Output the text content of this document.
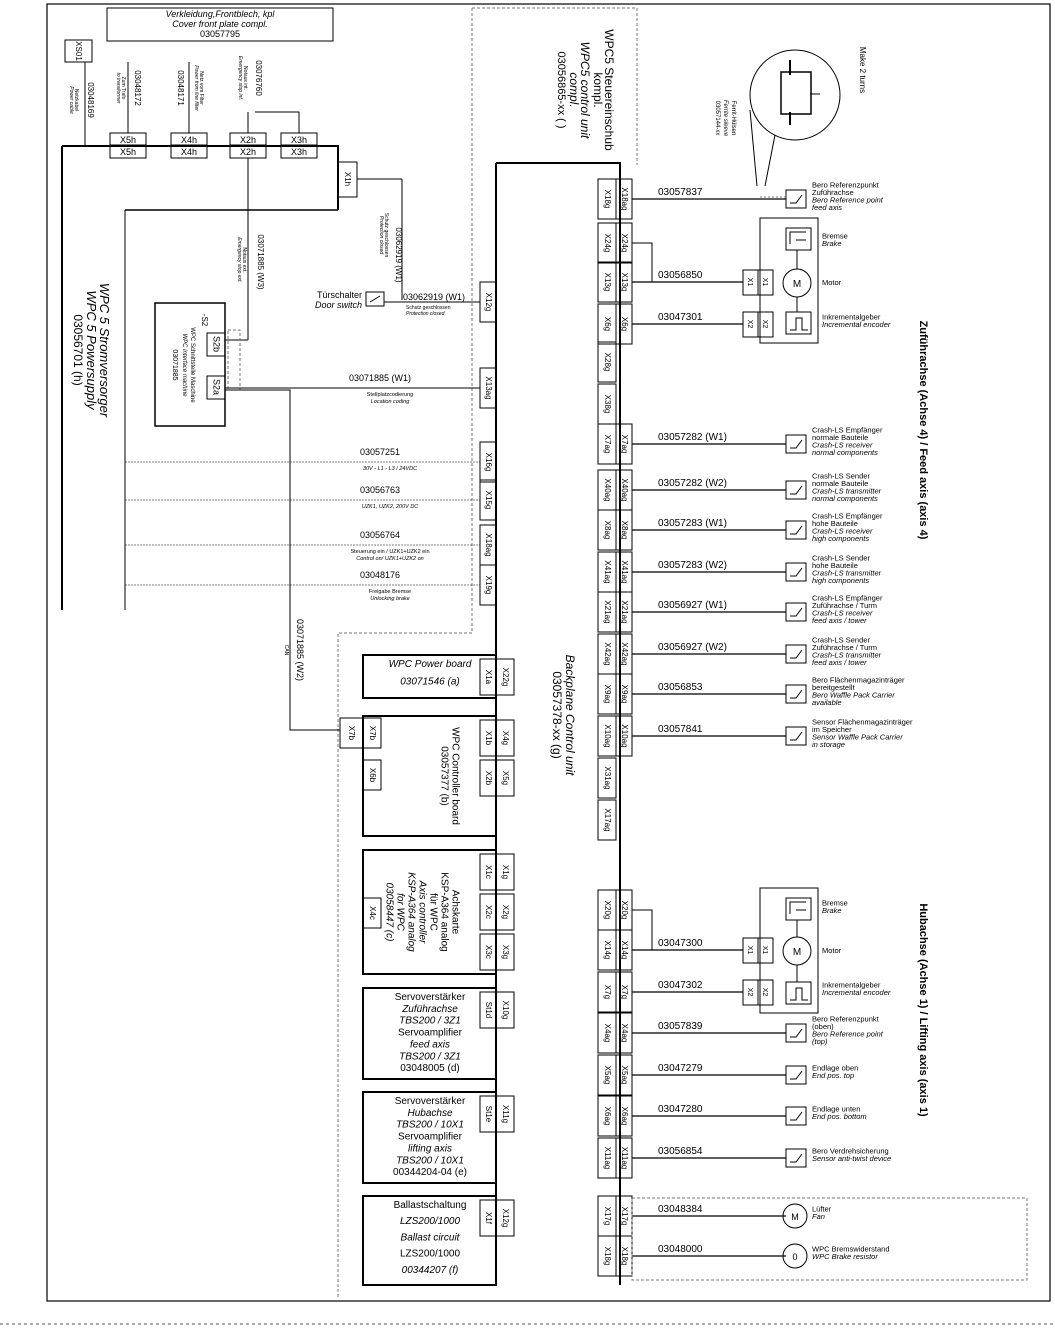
Verkleidung,Frontblech, kpl
Cover front plate compl.
03057795
XS01
03048169
Netzkabel
Power cable	03048172
Zum Trafo
to transformer	03048171	Netz vom Filter
Power from line filter	03076760
Notaus int.
Emergency stop int.
X5h
X5h
X4h
X4h
X2h
X2h
X3h
X3h
X1h
03062919 (W1)
Schutz geschlossen
Protection closed
03071885 (W3)
Notaus ext.
Emergency stop ext.
WPC 5 Stromversorger
WPC 5 Powersupply
03056701 (h)	S2b
S2a
-S2
WPC Schnittstelle Maschine
WPC interface machine
03071885
WPC5 Steuereinschub
kompl.
WPC5 control unit
compl.
03056865-xx ( )
Backplane Control unit
03057378-xx (g)
Türschalter
Door switch
03062919 (W1)
Schutz geschlossen
Protection closed
X12g
03071885 (W1)
Stellplatzcodierung
Location coding
X13ag
03057251
30V - L1 - L3 / 24VDC	X16g
03056763
UZK1, UZK2, 200V DC	X15g
03056764
Steuerung ein / UZK1+UZK2 ein
Control on/ UZK1+UZK2 on
X18ag
03048176
Freigabe Bremse
Unlocking brake
X19g
03071885 (W2)
CAN
WPC Power board
03071546 (a)	X1a X22g
WPC Controller board
03057377 (b)
X1b X4g
X2b X5g
X7b
X6b
Achskarte
KSP-A364 analog
für WPC
Axis controller
KSP-A364 analog
for WPC
03058447 (c)
X1c X1g
X2c X2g
X3c X3g
X4c
Servoverstärker
Zuführachse
TBS200 / 3Z1
Servoamplifier
feed axis
TBS200 / 3Z1
03048005 (d)
St1d X10g
Servoverstärker
Hubachse
TBS200 / 10X1
Servoamplifier
lifting axis
TBS200 / 10X1
00344204-04 (e)
St1e X11g
Ballastschaltung
LZS200/1000
Ballast circuit
LZS200/1000
00344207 (f)
X1f X12g
X7b
X18g X18ag	03057837
Bero Referenzpunkt
Zuführachse
Bero Reference point
feed axis
X24g X24g	Bremse
Brake
X13g X13g	03056850
Motor
X6g X6g	03047301	Inkrementalgeber
Incremental encoder
X28g
X38g
X7ag X7ag	03057282 (W1)
Crash-LS Empfänger
normale Bauteile
Crash-LS receiver
normal components
X40ag X40ag	03057282 (W2)
Crash-LS Sender
normale Bauteile
Crash-LS transmitter
normal components
X8ag X8ag	03057283 (W1)
Crash-LS Empfänger
hohe Bauteile
Crash-LS receiver
high components
X41ag X41ag	03057283 (W2)
Crash-LS Sender
hohe Bauteile
Crash-LS transmitter
high components
X21ag X21ag	03056927 (W1)
Crash-LS Empfänger
Zuführachse / Turm
Crash-LS receiver
feed axis / tower
X42ag X42ag	03056927 (W2)
Crash-LS Sender
Zuführachse / Turm
Crash-LS transmitter
feed axis / tower
X9ag X9ag	03056853
Bero Flächenmagazinträger
bereitgestellt
Bero Waffle Pack Carrier
available
X10ag X10ag	03057841
Sensor Flächenmagazinträger
im Speicher
Sensor Waffle Pack Carrier
in storage
X31ag
X17ag
X20g X20g	Bremse
Brake
X14g X14g	03047300
Motor
X7g X7g	03047302	Inkrementalgeber
Incremental encoder
X4ag X4ag	03057839
Bero Referenzpunkt
(oben)
Bero Reference point
(top)
X5ag X5ag	03047279	Endlage oben
End pos. top
X6ag X6ag	03047280	Endlage unten
End pos. bottom
X11ag X11ag	03056854	Bero Verdrehsicherung
Sensor anti-twist device
X17g X17g	03048384
M
Lüfter
Fan
X18g X18g	03048000
0
WPC Bremswiderstand
WPC Brake resistor
Make 2 turns
Ferrit-Hülsen
Ferrite sleeve
03057144-xx
M
X1 X1
X2 X2
M
X1 X1
X2 X2
Zuführachse (Achse 4) / Feed axis (axis 4)
Hubachse (Achse 1) / Lifting axis (axis 1)
